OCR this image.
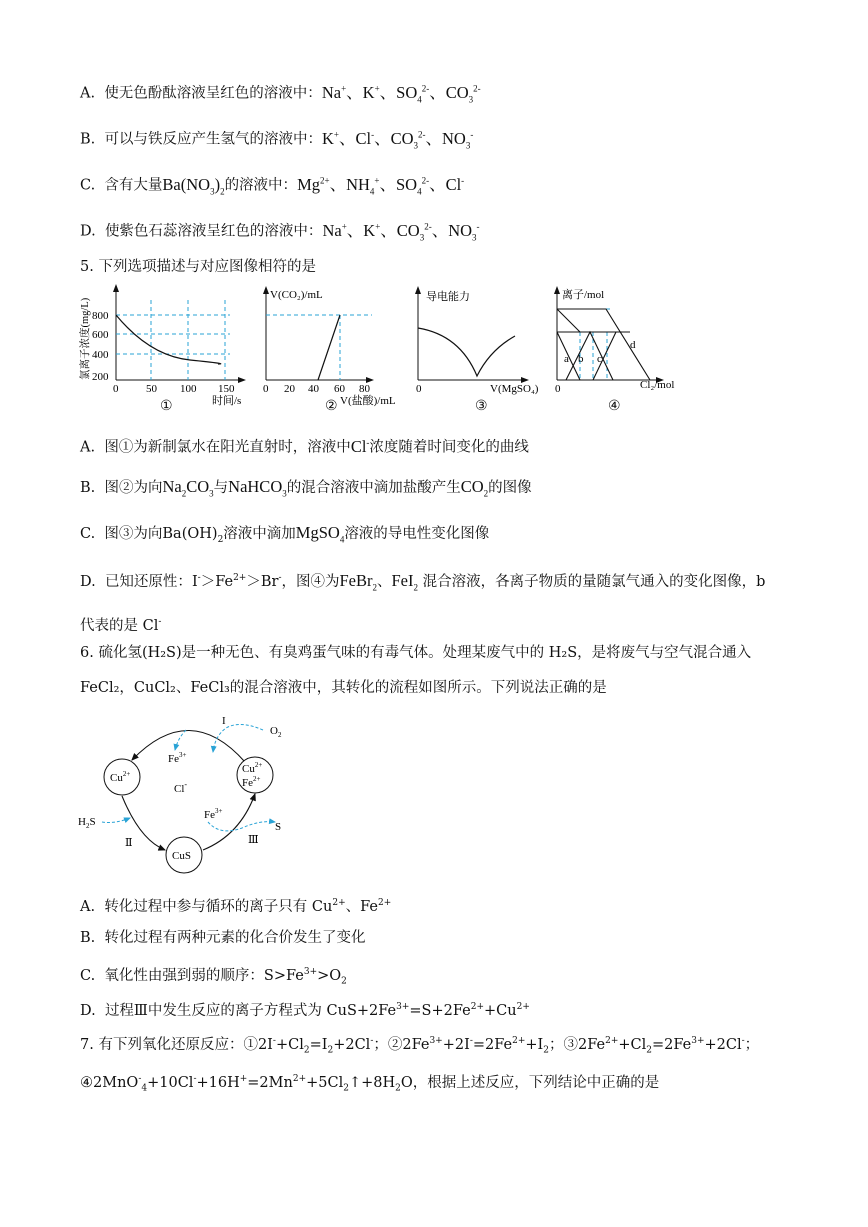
A. 使无色酚酞溶液呈红色的溶液中：Na+、K+、$SO_4^{2-}$、$CO_3^{2-}$
B. 可以与铁反应产生氢气的溶液中：K+、Cl-、$CO_3^{2-}$、$NO_3^-$
C. 含有大量$Ba(NO_3)_2$的溶液中：$Mg^{2+}$、$NH_4^+$、$SO_4^{2-}$、Cl-
D. 使紫色石蕊溶液呈红色的溶液中：Na+、K+、$CO_3^{2-}$、$NO_3^-$
5. 下列选项描述与对应图像相符的是
氯离子浓度(mg/L) 800
600
400
200
0	50 100 150
时间/s
V(CO₂)/mL
0 20 40 60 80
V(盐酸)/mL
导电能力
0	V(MgSO₄)
离子/mol
a b c
d
0	Cl₂/mol
①	②	③	④
A. 图①为新制氯水在阳光直射时，溶液中Cl-浓度随着时间变化的曲线
B. 图②为向$Na_2CO_3$与NaHCO$_3$的混合溶液中滴加盐酸产生$CO_2$的图像
C. 图③为向$Ba(OH)_2$溶液中滴加MgSO$_4$溶液的导电性变化图像
D. 已知还原性：$I^->Fe^{2+}>Br^-$，图④为FeBr$_2$、FeI$_2$ 混合溶液，各离子物质的量随氯气通入的变化图像，b
代表的是 Cl-
6. 硫化氢(H₂S)是一种无色、有臭鸡蛋气味的有毒气体。处理某废气中的 H₂S，是将废气与空气混合通入
FeCl₂，CuCl₂、FeCl₃的混合溶液中，其转化的流程如图所示。下列说法正确的是
$Cu^{2+}$	$Cu^{2+}$
$Fe^{2+}$
CuS
Cl-
I
Ⅱ	Ⅲ
$O_2$
$Fe^{3+}$
$H_2S$
$Fe^{3+}$
S
A. 转化过程中参与循环的离子只有 $Cu^{2+}$、$Fe^{2+}$
B. 转化过程有两种元素的化合价发生了变化
C. 氧化性由强到弱的顺序：$S>Fe^{3+}>O_2$
D. 过程Ⅲ中发生反应的离子方程式为 $CuS+2Fe^{3+}=S+2Fe^{2+}+Cu^{2+}$
7. 有下列氧化还原反应：$①2I^-+Cl_2=I_2+2Cl^-$；$②2Fe^{3+}+2I^-=2Fe^{2+}+I_2$；$③2Fe^{2+}+Cl_2=2Fe^{3+}+2Cl^-$；
$④2MnO^-_4+10Cl^-+16H^+=2Mn^{2+}+5Cl_2↑+8H_2O$，根据上述反应，下列结论中正确的是
